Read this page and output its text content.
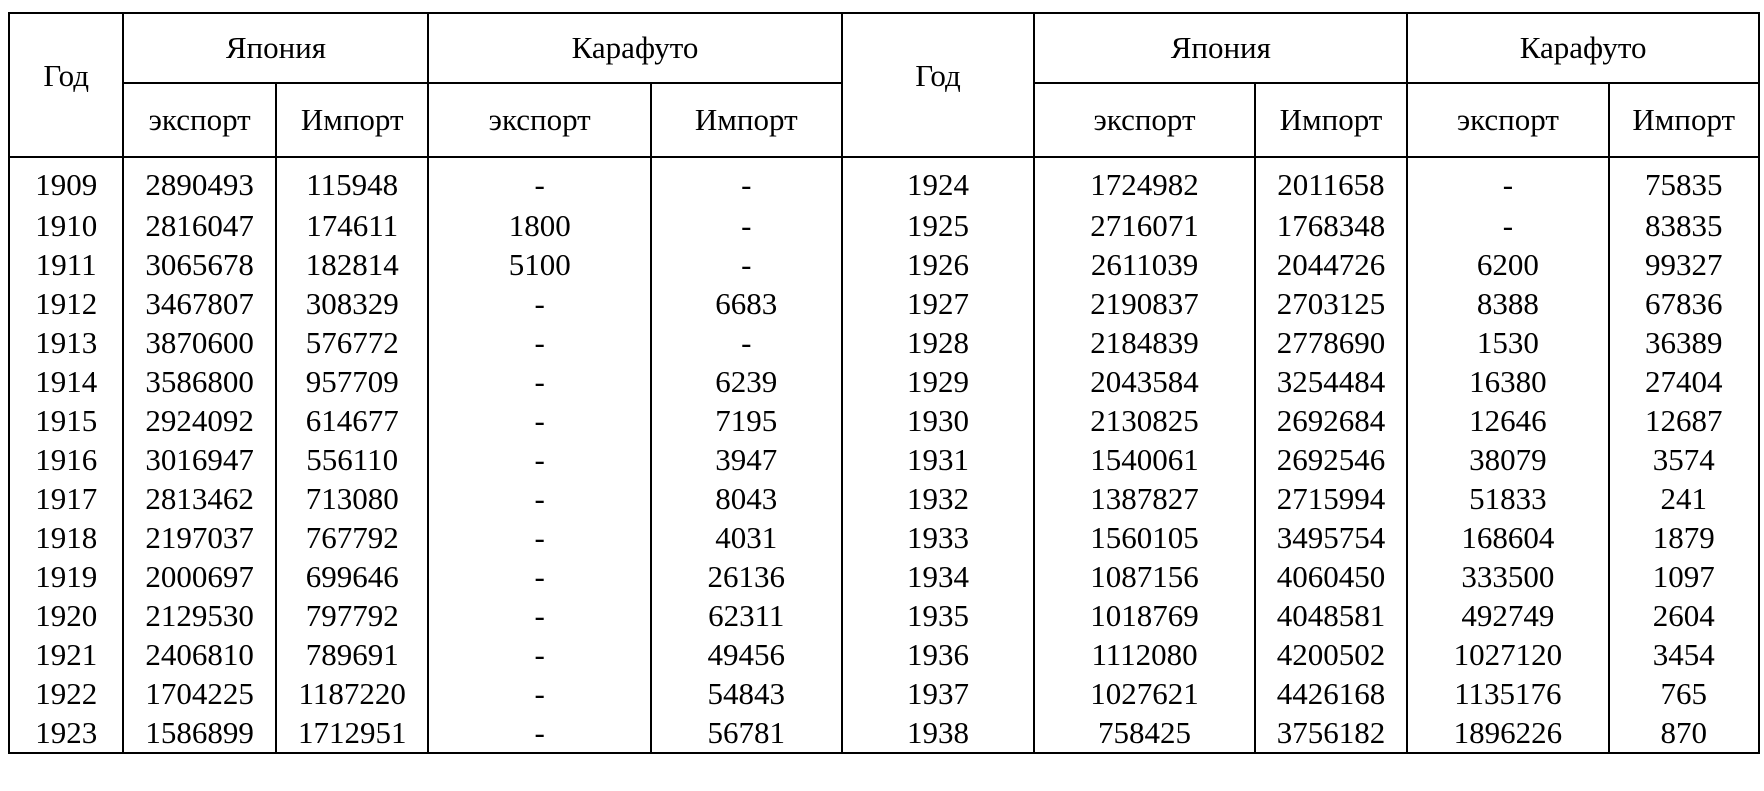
Год	Япония		Карафуто		Год	Япония		Карафуто	
	экспорт	Импорт	экспорт	Импорт		экспорт	Импорт	экспорт	Импорт
1909	2890493	115948	-	-	1924	1724982	2011658	-	75835
1910	2816047	174611	1800	-	1925	2716071	1768348	-	83835
1911	3065678	182814	5100	-	1926	2611039	2044726	6200	99327
1912	3467807	308329	-	6683	1927	2190837	2703125	8388	67836
1913	3870600	576772	-	-	1928	2184839	2778690	1530	36389
1914	3586800	957709	-	6239	1929	2043584	3254484	16380	27404
1915	2924092	614677	-	7195	1930	2130825	2692684	12646	12687
1916	3016947	556110	-	3947	1931	1540061	2692546	38079	3574
1917	2813462	713080	-	8043	1932	1387827	2715994	51833	241
1918	2197037	767792	-	4031	1933	1560105	3495754	168604	1879
1919	2000697	699646	-	26136	1934	1087156	4060450	333500	1097
1920	2129530	797792	-	62311	1935	1018769	4048581	492749	2604
1921	2406810	789691	-	49456	1936	1112080	4200502	1027120	3454
1922	1704225	1187220	-	54843	1937	1027621	4426168	1135176	765
1923	1586899	1712951	-	56781	1938	758425	3756182	1896226	870
